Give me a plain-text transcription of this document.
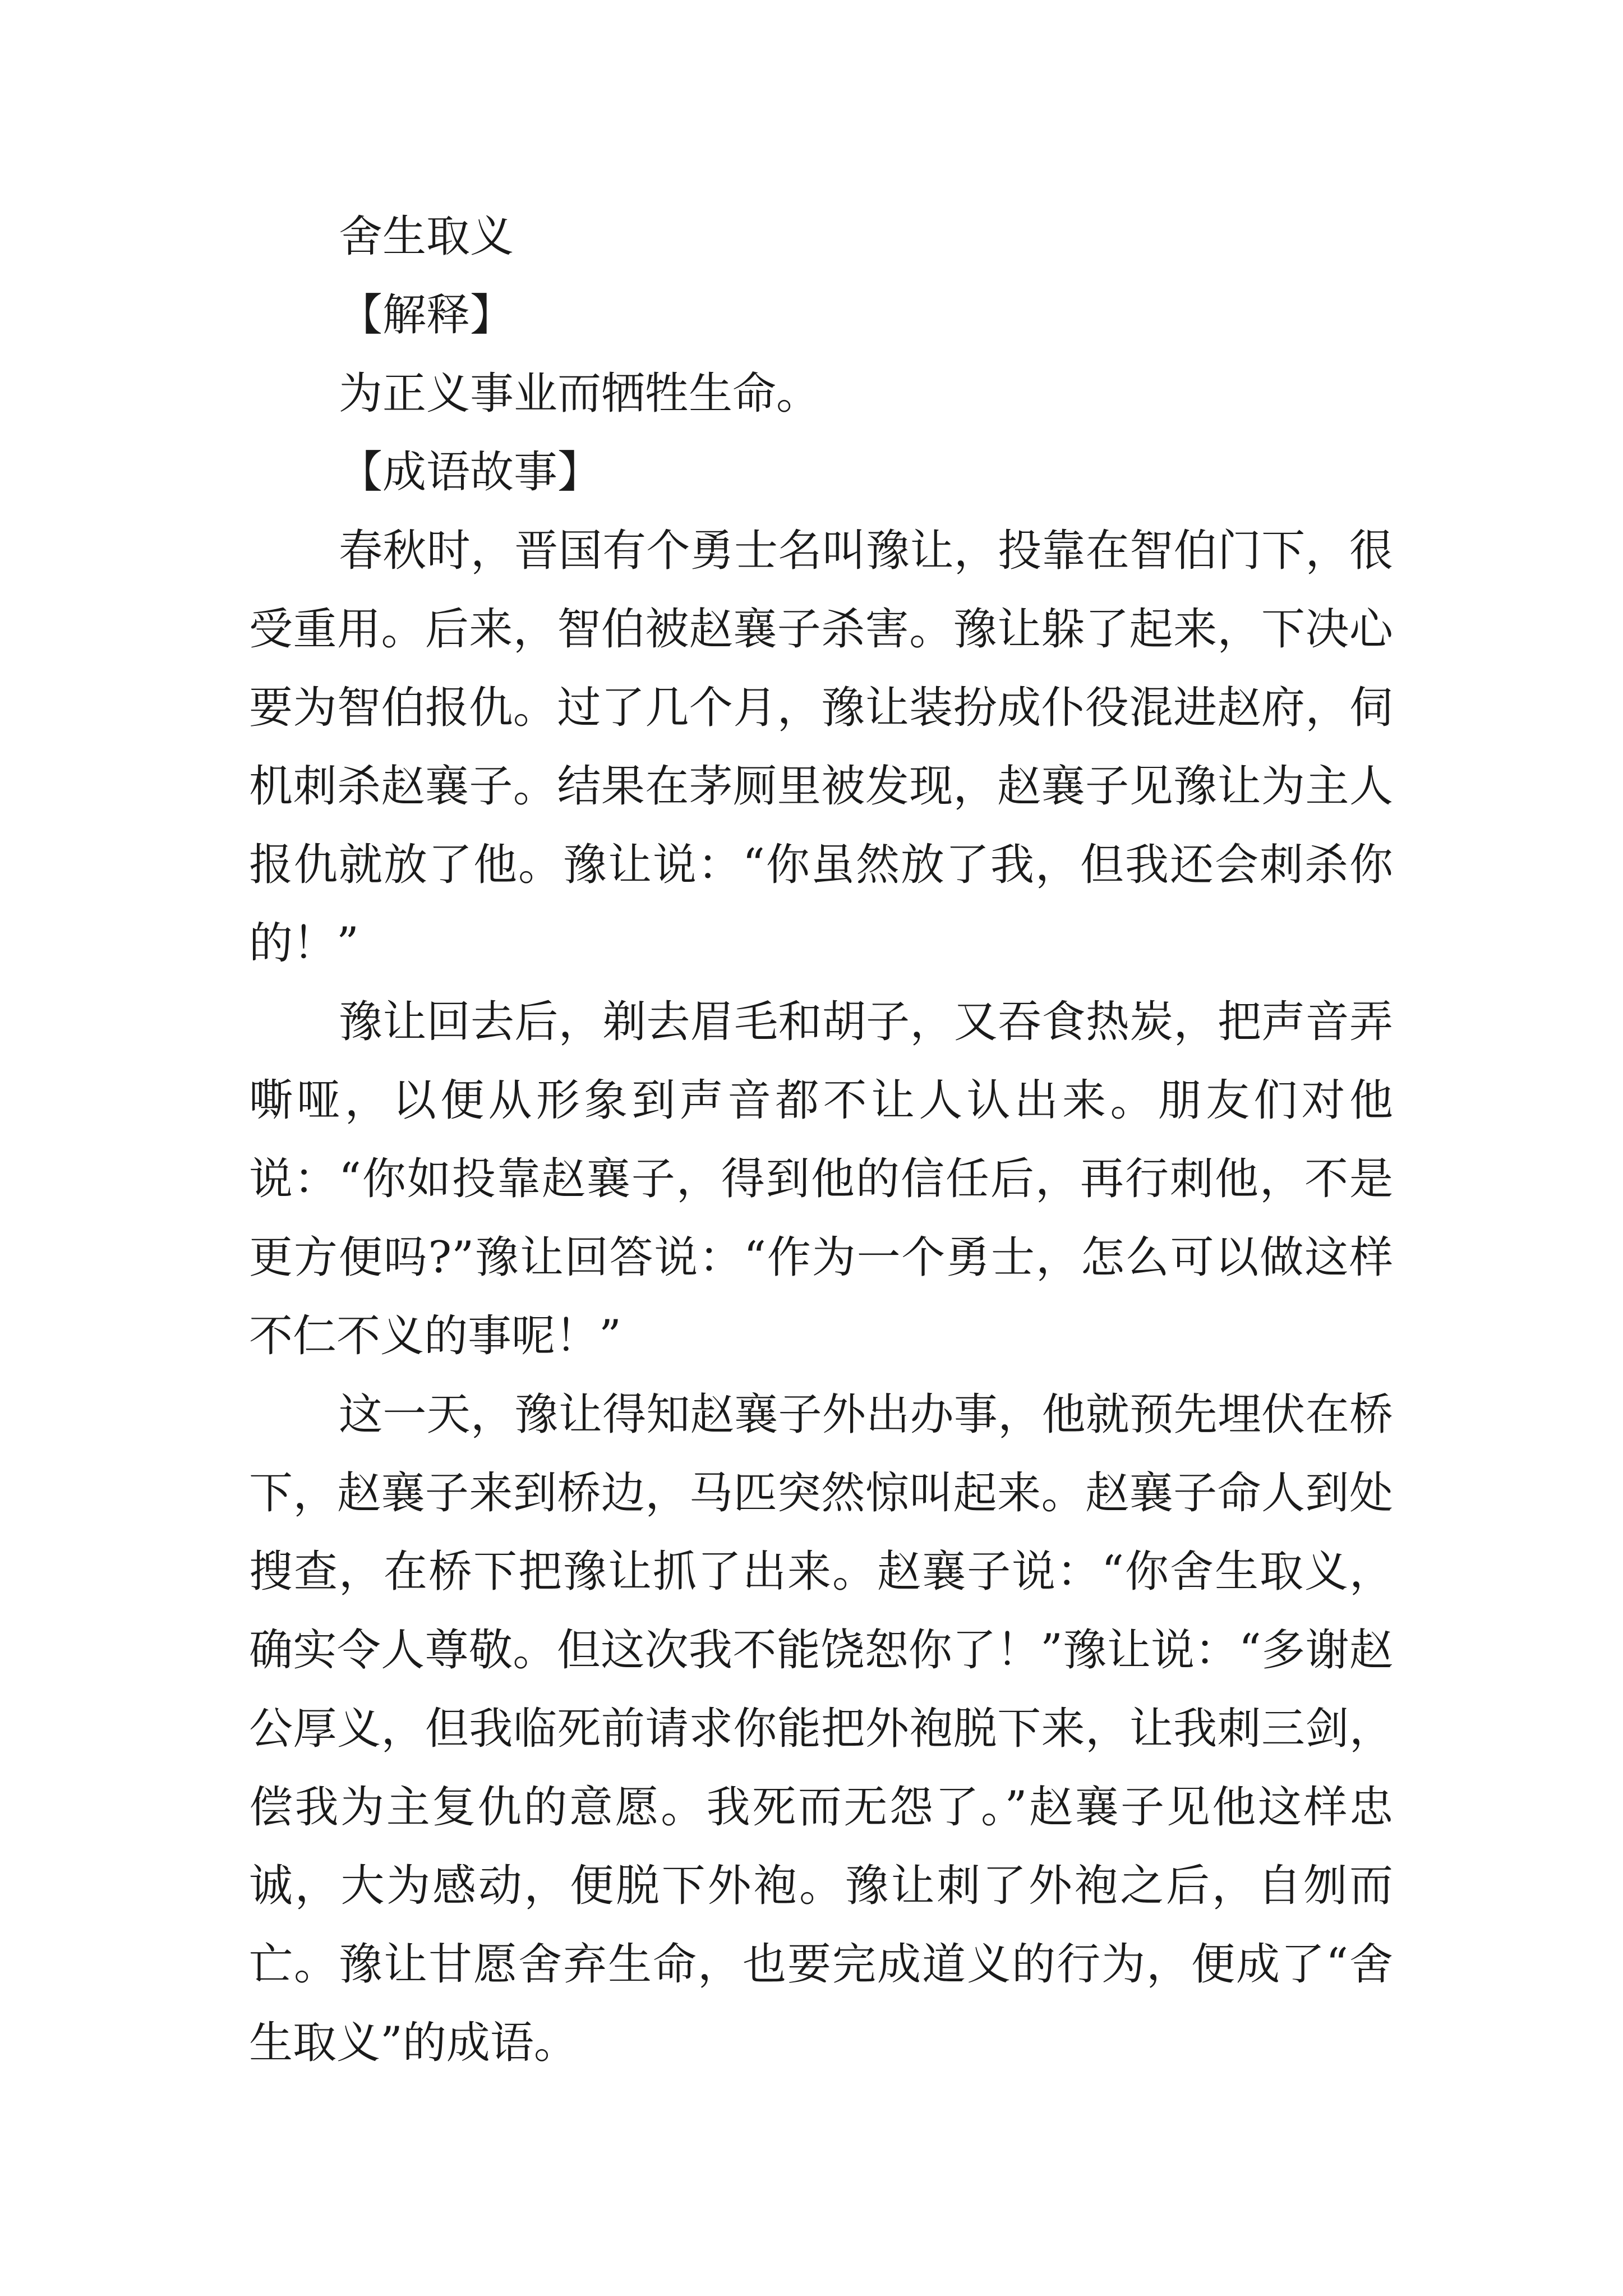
舍生取义
【解释】
为正义事业而牺牲生命。
【成语故事】

春秋时，晋国有个勇士名叫豫让，投靠在智伯门下，很受重用。后来，智伯被赵襄子杀害。豫让躲了起来，下决心要为智伯报仇。过了几个月，豫让装扮成仆役混进赵府，伺机刺杀赵襄子。结果在茅厕里被发现，赵襄子见豫让为主人报仇就放了他。豫让说：“你虽然放了我，但我还会刺杀你的！”

豫让回去后，剃去眉毛和胡子，又吞食热炭，把声音弄嘶哑，以便从形象到声音都不让人认出来。朋友们对他说：“你如投靠赵襄子，得到他的信任后，再行刺他，不是更方便吗?”豫让回答说：“作为一个勇士，怎么可以做这样不仁不义的事呢！”

这一天，豫让得知赵襄子外出办事，他就预先埋伏在桥下，赵襄子来到桥边，马匹突然惊叫起来。赵襄子命人到处搜查，在桥下把豫让抓了出来。赵襄子说：“你舍生取义，确实令人尊敬。但这次我不能饶恕你了！”豫让说：“多谢赵公厚义，但我临死前请求你能把外袍脱下来，让我刺三剑，偿我为主复仇的意愿。我死而无怨了。”赵襄子见他这样忠诚，大为感动，便脱下外袍。豫让刺了外袍之后，自刎而亡。豫让甘愿舍弃生命，也要完成道义的行为，便成了“舍生取义”的成语。
